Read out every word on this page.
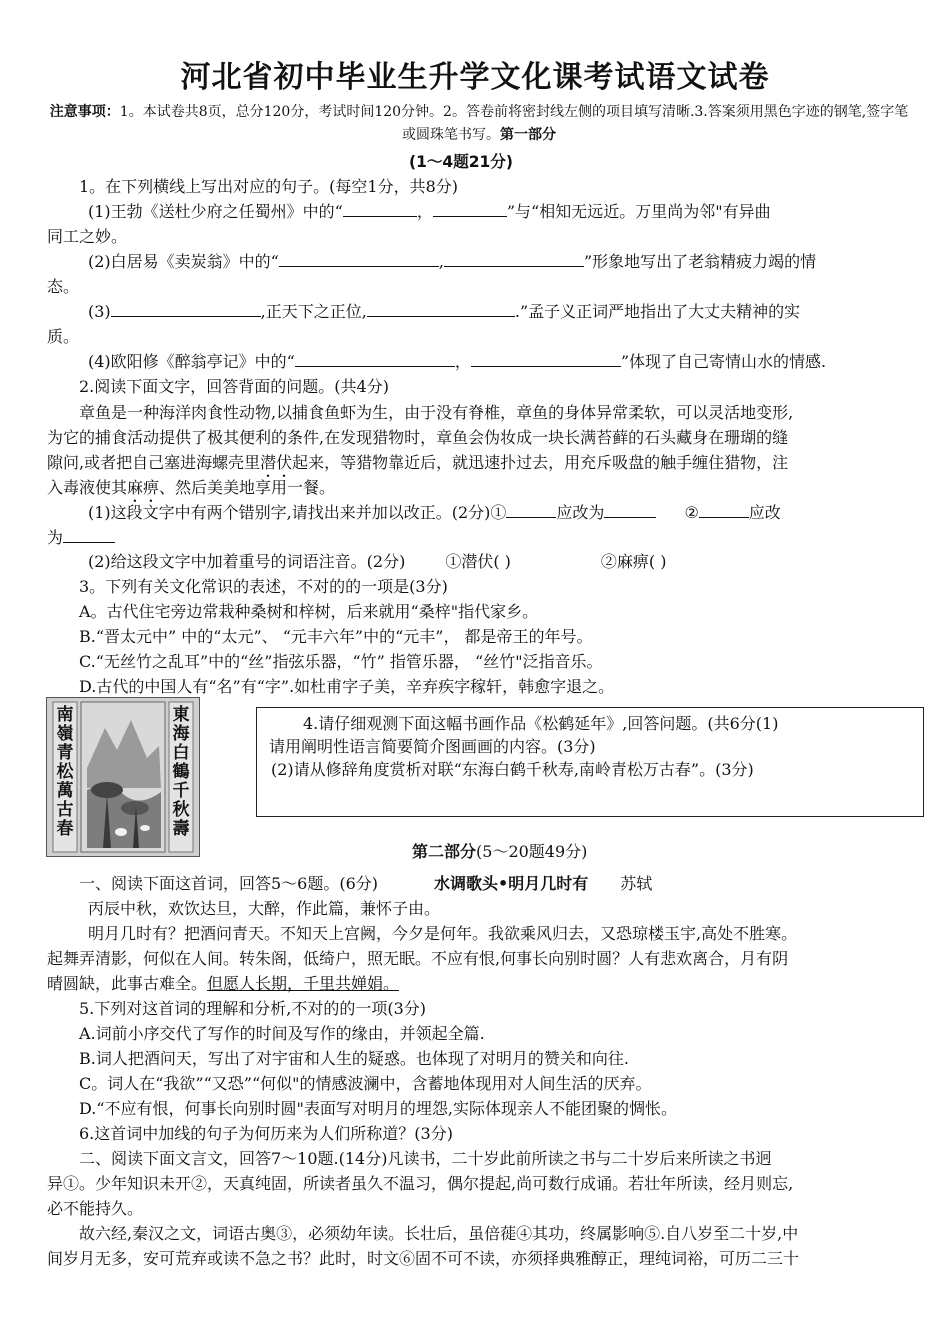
河北省初中毕业生升学文化课考试语文试卷
注意事项：1。本试卷共8页，总分120分，考试时间120分钟。2。答卷前将密封线左侧的项目填写清晰.3.答案须用黑色字迹的钢笔,签字笔或圆珠笔书写。第一部分
(1～4题21分)
1。在下列横线上写出对应的句子。(每空1分，共8分)
(1)王勃《送杜少府之任蜀州》中的“	，	”与“相知无远近。万里尚为邻"有异曲
同工之妙。
(2)白居易《卖炭翁》中的“	,	”形象地写出了老翁精疲力竭的情
态。
(3)	,正天下之正位,	.”孟子义正词严地指出了大丈夫精神的实
质。
(4)欧阳修《醉翁亭记》中的“	，	”体现了自己寄情山水的情感.
2.阅读下面文字，回答背面的问题。(共4分)
章鱼是一种海洋肉食性动物,以捕食鱼虾为生，由于没有脊椎，章鱼的身体异常柔软，可以灵活地变形,
为它的捕食活动提供了极其便利的条件,在发现猎物时，章鱼会伪妆成一块长满苔藓的石头藏身在珊瑚的缝
隙问,或者把自己塞进海螺壳里潜伏起来，等猎物靠近后，就迅速扑过去，用充斥吸盘的触手缠住猎物，注
入毒液使其麻痹、然后美美地享用一餐。
(1)这段文字中有两个错别字,请找出来并加以改正。(2分)①	应改为	②	应改
为
(2)给这段文字中加着重号的词语注音。(2分)	①潜伏( )	②麻痹( )
3。下列有关文化常识的表述，不对的的一项是(3分)
A。古代住宅旁边常栽种桑树和梓树，后来就用“桑梓"指代家乡。
B.“晋太元中” 中的“太元”、 “元丰六年”中的“元丰”， 都是帝王的年号。
C.“无丝竹之乱耳”中的“丝”指弦乐器，“竹” 指管乐器， “丝竹"泛指音乐。
D.古代的中国人有“名”有“字”.如杜甫字子美，辛弃疾字稼轩，韩愈字退之。
南嶺青松萬古春
東海白鶴千秋壽
4.请仔细观测下面这幅书画作品《松鹤延年》,回答问题。(共6分(1)
请用阐明性语言简要简介图画画的内容。(3分)
(2)请从修辞角度赏析对联“东海白鹤千秋寿,南岭青松万古春”。(3分)
第二部分(5～20题49分)
一、阅读下面这首词，回答5～6题。(6分)	水调歌头•明月几时有 苏轼
丙辰中秋，欢饮达旦，大醉，作此篇，兼怀子由。
明月几时有？把酒问青天。不知天上宫阙，今夕是何年。我欲乘风归去，又恐琼楼玉宇,高处不胜寒。
起舞弄清影，何似在人间。转朱阁，低绮户，照无眠。不应有恨,何事长向别时圆？人有悲欢离合，月有阴
晴圆缺，此事古难全。但愿人长期，千里共婵娟。
5.下列对这首词的理解和分析,不对的的一项(3分)
A.词前小序交代了写作的时间及写作的缘由，并领起全篇.
B.词人把酒问天，写出了对宇宙和人生的疑惑。也体现了对明月的赞关和向往.
C。词人在“我欲”“又恐”“何似"的情感波澜中，含蓄地体现用对人间生活的厌弃。
D.“不应有恨，何事长向别时圆"表面写对明月的埋怨,实际体现亲人不能团聚的惆怅。
6.这首词中加线的句子为何历来为人们所称道？(3分)
二、阅读下面文言文，回答7～10题.(14分)凡读书，二十岁此前所读之书与二十岁后来所读之书迥
异①。少年知识未开②，天真纯固，所读者虽久不温习，偶尔提起,尚可数行成诵。若壮年所读，经月则忘,
必不能持久。
故六经,秦汉之文，词语古奥③，必须幼年读。长壮后，虽倍蓰④其功，终属影响⑤.自八岁至二十岁,中
间岁月无多，安可荒弃或读不急之书？此时，时文⑥固不可不读，亦须择典雅醇正，理纯词裕，可历二三十
